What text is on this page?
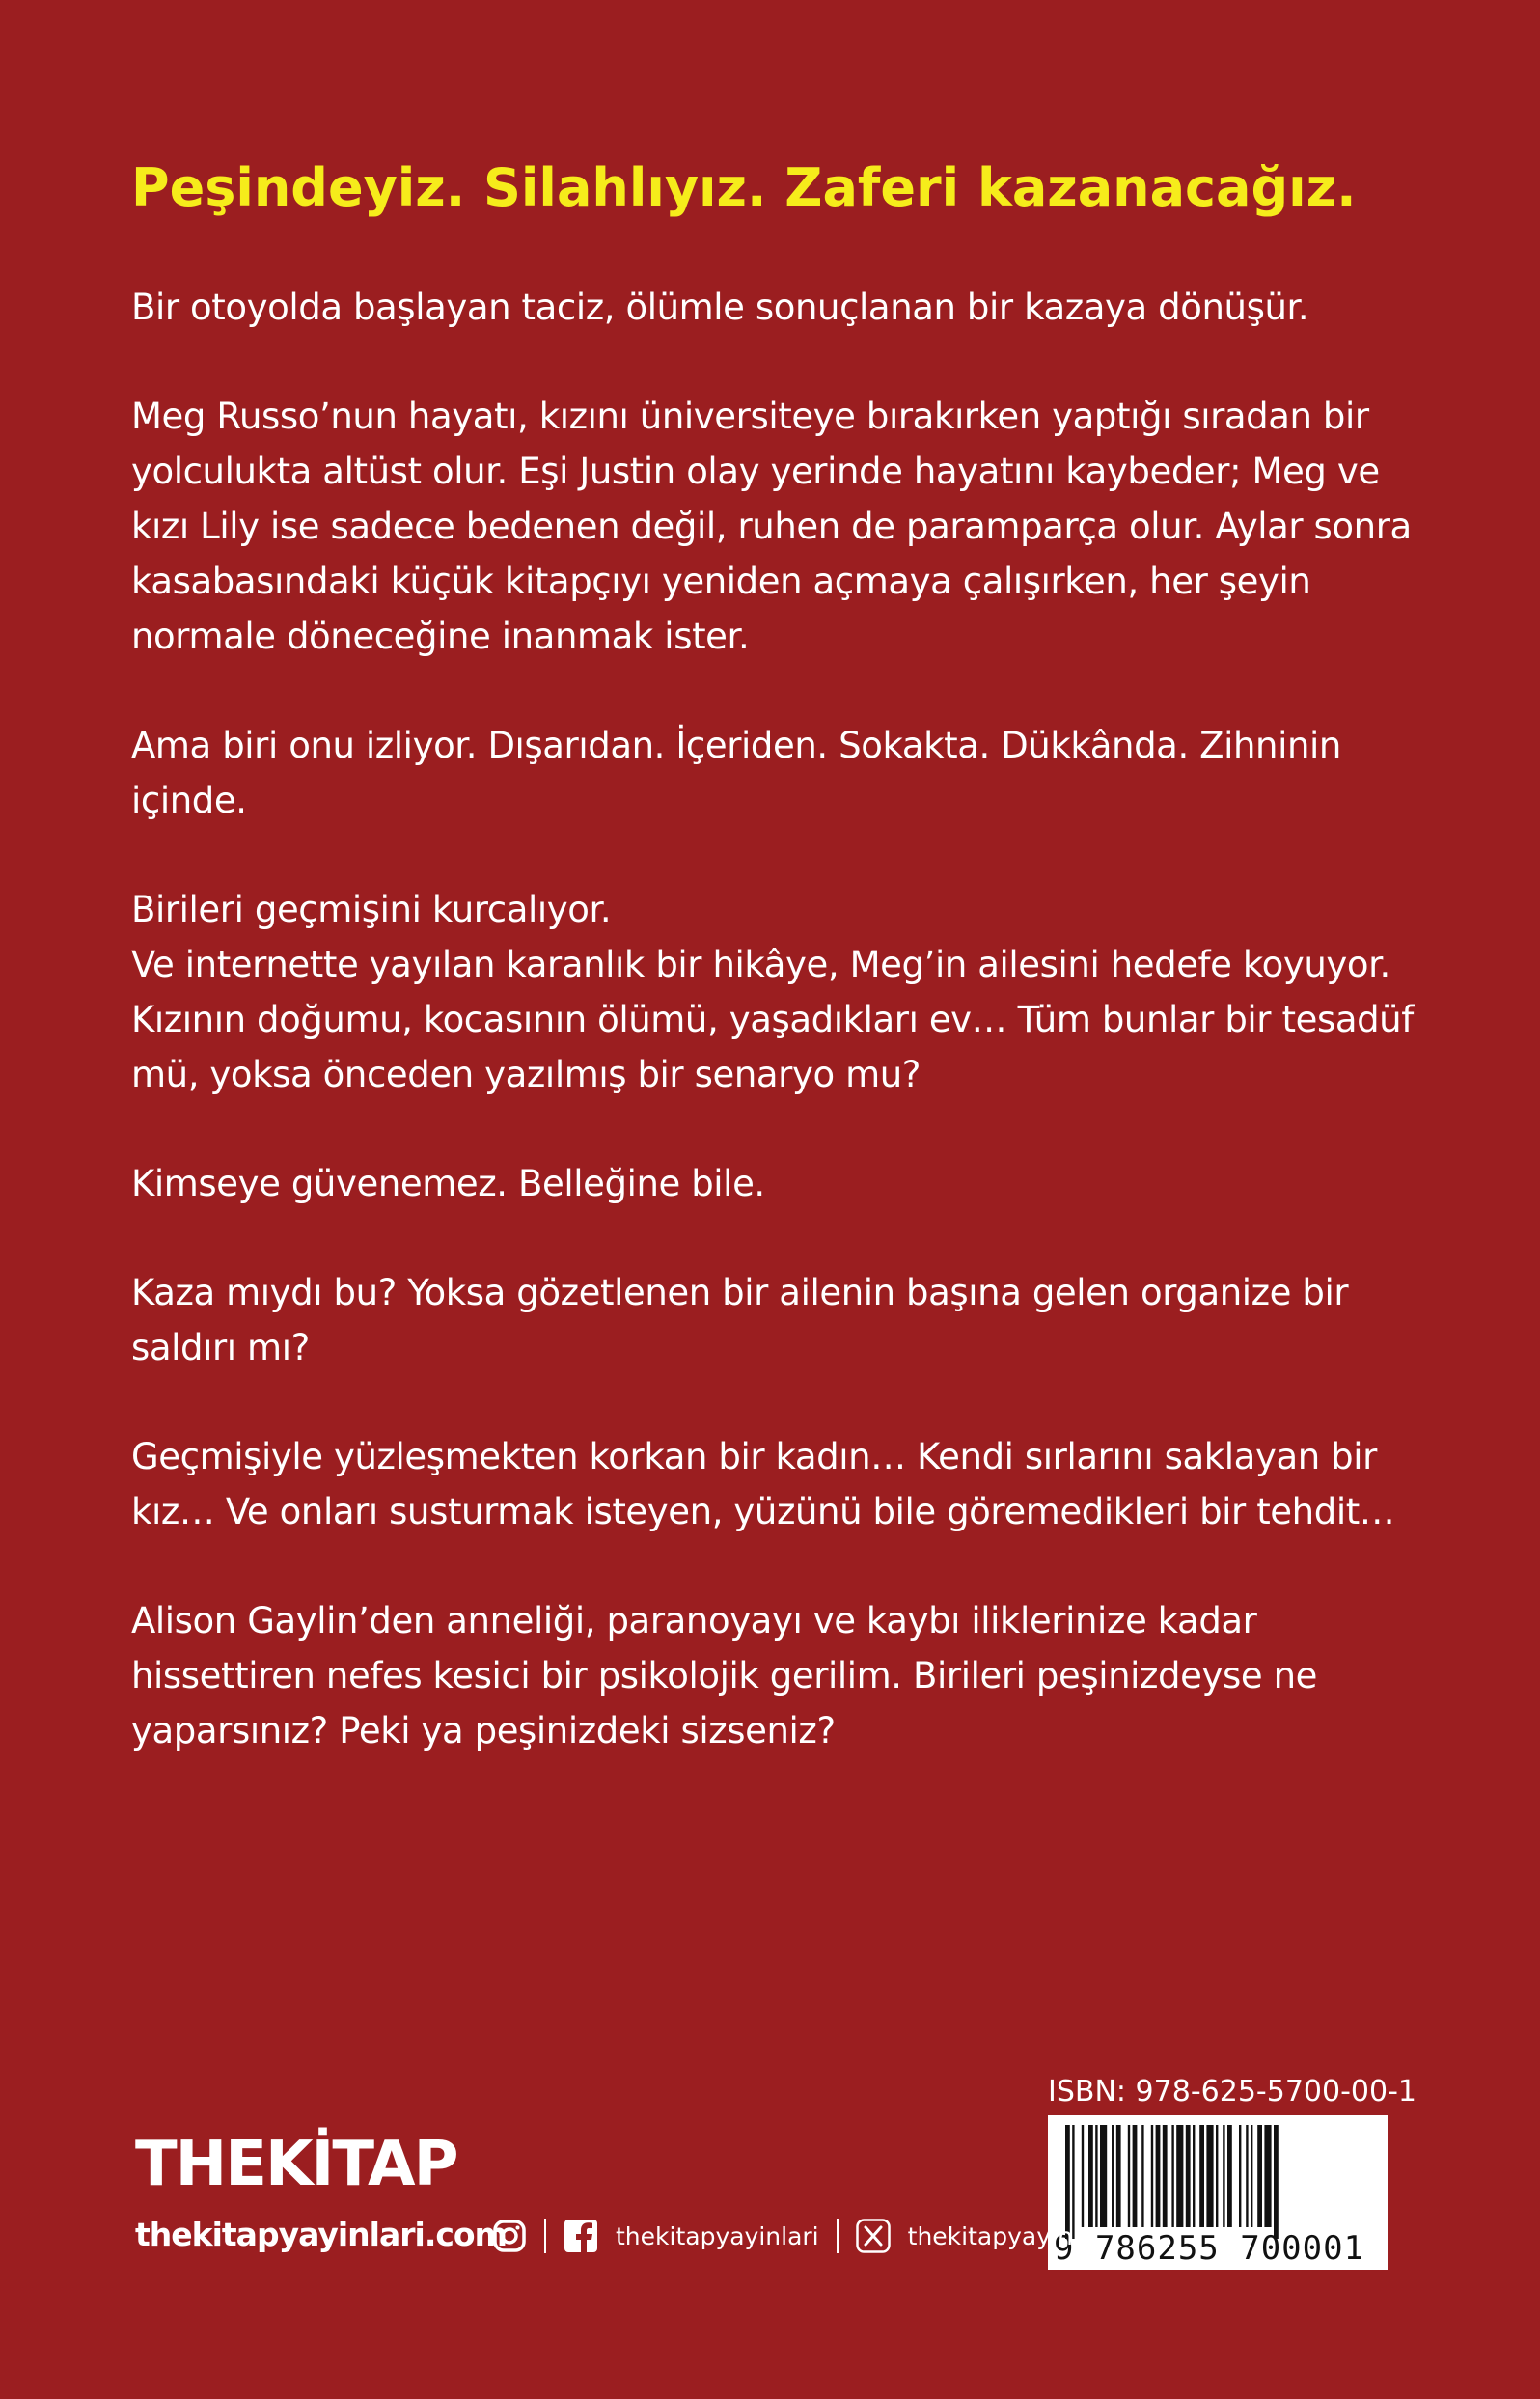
Peşindeyiz. Silahlıyız. Zaferi kazanacağız.

Bir otoyolda başlayan taciz, ölümle sonuçlanan bir kazaya dönüşür.

Meg Russo’nun hayatı, kızını üniversiteye bırakırken yaptığı sıradan bir yolculukta altüst olur. Eşi Justin olay yerinde hayatını kaybeder; Meg ve kızı Lily ise sadece bedenen değil, ruhen de paramparça olur. Aylar sonra kasabasındaki küçük kitapçıyı yeniden açmaya çalışırken, her şeyin normale döneceğine inanmak ister.

Ama biri onu izliyor. Dışarıdan. İçeriden. Sokakta. Dükkânda. Zihninin içinde.

Birileri geçmişini kurcalıyor.

Ve internette yayılan karanlık bir hikâye, Meg’in ailesini hedefe koyuyor. Kızının doğumu, kocasının ölümü, yaşadıkları ev… Tüm bunlar bir tesadüf mü, yoksa önceden yazılmış bir senaryo mu?

Kimseye güvenemez. Belleğine bile.

Kaza mıydı bu? Yoksa gözetlenen bir ailenin başına gelen organize bir saldırı mı?

Geçmişiyle yüzleşmekten korkan bir kadın… Kendi sırlarını saklayan bir kız… Ve onları susturmak isteyen, yüzünü bile göremedikleri bir tehdit…

Alison Gaylin’den anneliği, paranoyayı ve kaybı iliklerinize kadar hissettiren nefes kesici bir psikolojik gerilim. Birileri peşinizdeyse ne yaparsınız? Peki ya peşinizdeki sizseniz?

ISBN: 978-625-5700-00-1
9 786255 700001
THEKİTAP
thekitapyayinlari.com	thekitapyayinlari	thekitapyayin
